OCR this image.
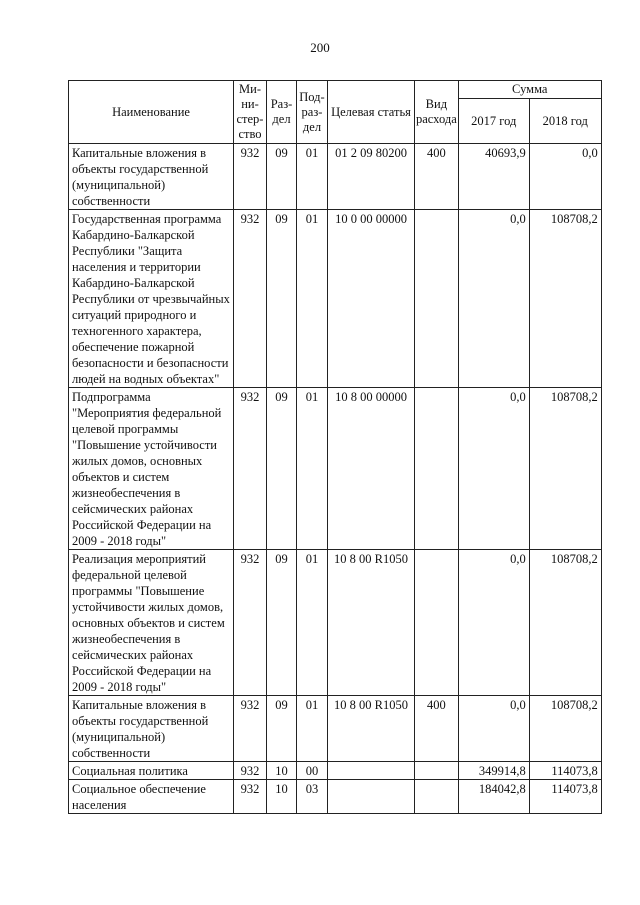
200
Наименование	Ми-ни-стер-ство	Раз-дел	Под-раз-дел	Целевая статья	Вид расхода	Сумма	
						2017 год	2018 год
Капитальные вложения в объекты государственной (муниципальной) собственности	932	09	01	01 2 09 80200	400	40693,9	0,0
Государственная программа Кабардино-Балкарской Республики "Защита населения и территории Кабардино-Балкарской Республики от чрезвычайных ситуаций природного и техногенного характера, обеспечение пожарной безопасности и безопасности людей на водных объектах"	932	09	01	10 0 00 00000		0,0	108708,2
Подпрограмма "Мероприятия федеральной целевой программы "Повышение устойчивости жилых домов, основных объектов и систем жизнеобеспечения в сейсмических районах Российской Федерации на 2009 - 2018 годы"	932	09	01	10 8 00 00000		0,0	108708,2
Реализация мероприятий федеральной целевой программы "Повышение устойчивости жилых домов, основных объектов и систем жизнеобеспечения в сейсмических районах Российской Федерации на 2009 - 2018 годы"	932	09	01	10 8 00 R1050		0,0	108708,2
Капитальные вложения в объекты государственной (муниципальной) собственности	932	09	01	10 8 00 R1050	400	0,0	108708,2
Социальная политика	932	10	00			349914,8	114073,8
Социальное обеспечение населения	932	10	03			184042,8	114073,8
